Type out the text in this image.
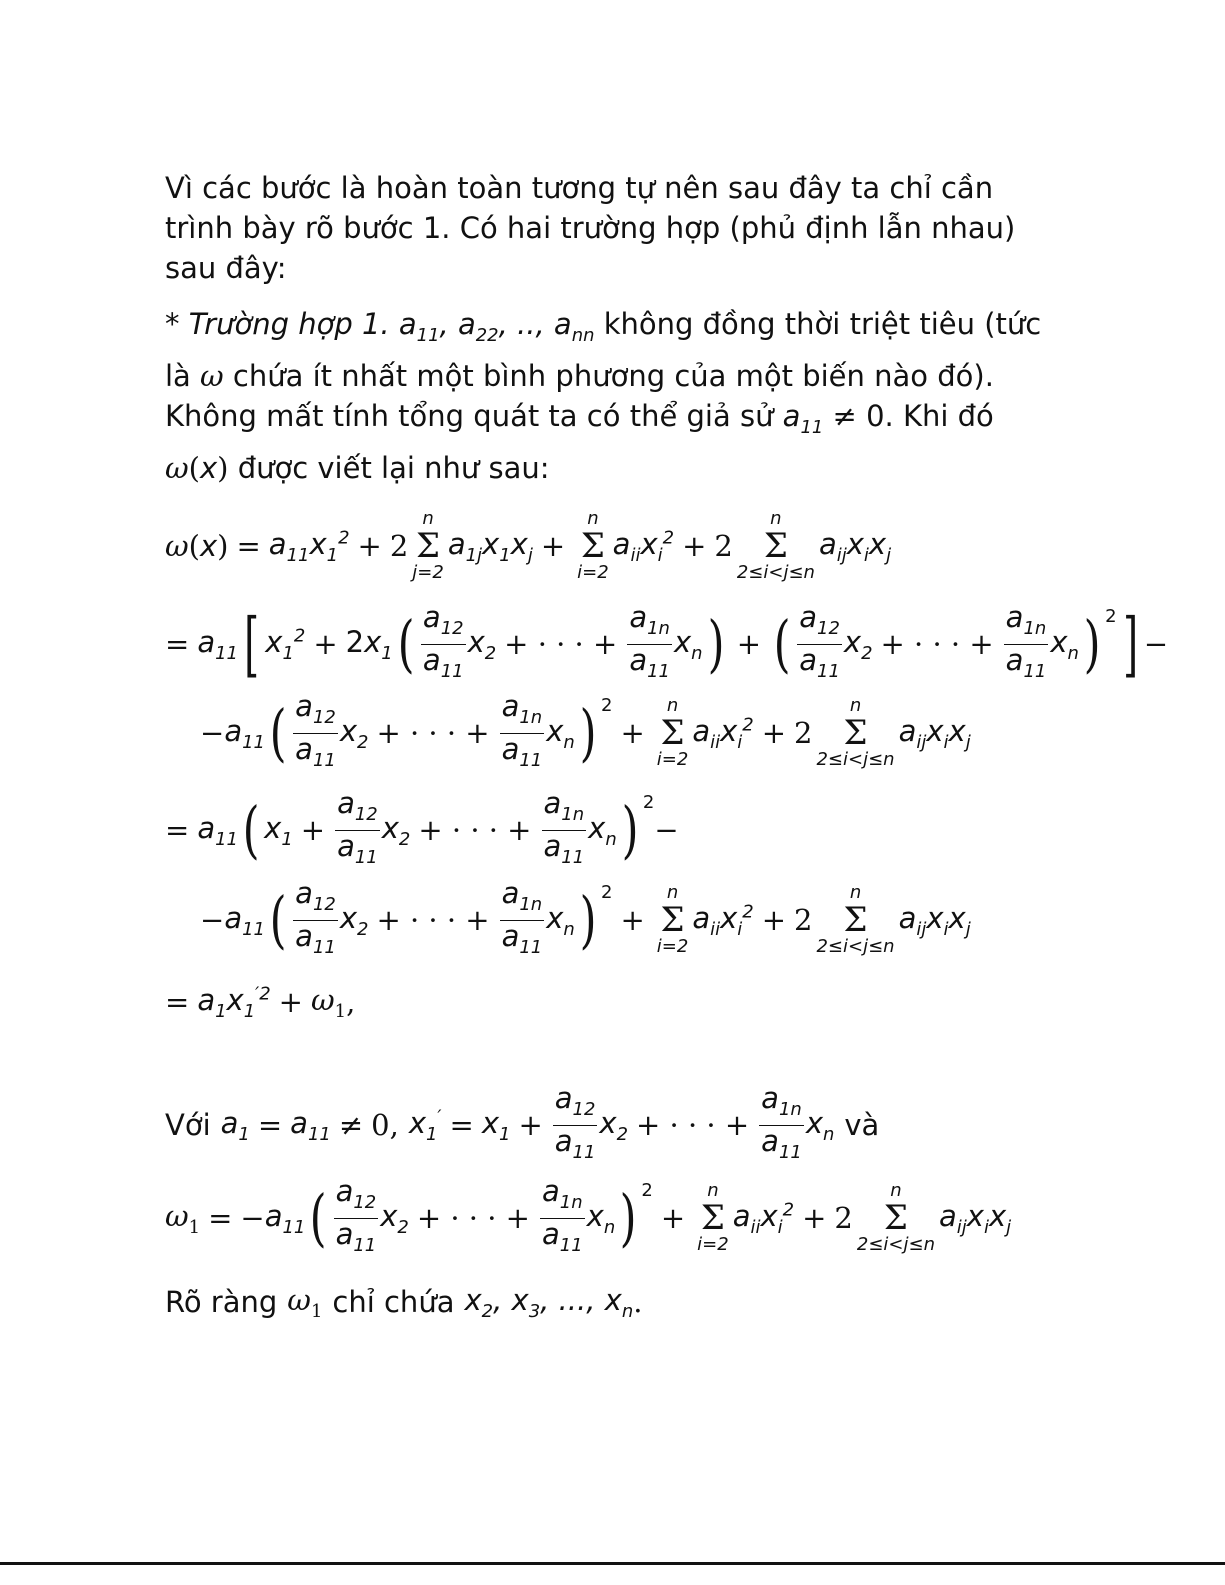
Vì các bước là hoàn toàn tương tự nên sau đây ta chỉ cần trình bày rõ bước 1. Có hai trường hợp (phủ định lẫn nhau) sau đây:

* Trường hợp 1. $a_{11}$, $a_{22}$, .., $a_{nn}$ không đồng thời triệt tiêu (tức là ω chứa ít nhất một bình phương của một biến nào đó). Không mất tính tổng quát ta có thể giả sử $a_{11} \ne 0$. Khi đó ω(x) được viết lại như sau:

ω ( x ) = $a_{11}x_1^2 + 2$
n
Σ
j=2
$a_{1j}x_1x_j$ +
n
Σ
i=2
$a_{ii}x_i^2 + 2$
n
Σ
2≤i<j≤n
$a_{ij}x_ix_j$
= $a_{11}$ [ $x_1^2 + 2x_1$ ( $\frac{a_{12}}{a_{11}} x_2$ + · · · + $\frac{a_{1n}}{a_{11}} x_n$ ) + ( $\frac{a_{12}}{a_{11}} x_2$ + · · · + $\frac{a_{1n}}{a_{11}} x_n$ ) 2 ] −
− $a_{11}$ ( $\frac{a_{12}}{a_{11}} x_2$ + · · · + $\frac{a_{1n}}{a_{11}} x_n$ ) 2
+
n
Σ
i=2
$a_{ii}x_i^2 + 2$
n
Σ
2≤i<j≤n
$a_{ij}x_ix_j$
= $a_{11}$ ( $x_1 + \frac{a_{12}}{a_{11}} x_2$ + · · · + $\frac{a_{1n}}{a_{11}} x_n$ ) 2
−
− $a_{11}$ ( $\frac{a_{12}}{a_{11}} x_2$ + · · · + $\frac{a_{1n}}{a_{11}} x_n$ ) 2
+
n
Σ
i=2
$a_{ii}x_i^2 + 2$
n
Σ
2≤i<j≤n
$a_{ij}x_ix_j$
= $a_1x_1^{'2} + \omega_1$ ,
Với $a_1 = a_{11} \ne 0$, $x_1' = x_1 + \frac{a_{12}}{a_{11}} x_2$ + · · · + $\frac{a_{1n}}{a_{11}} x_n$ và
$\omega_1$ = − $a_{11}$ ( $\frac{a_{12}}{a_{11}} x_2$ + · · · + $\frac{a_{1n}}{a_{11}} x_n$ ) 2
+
n
Σ
i=2
$a_{ii}x_i^2 + 2$
n
Σ
2≤i<j≤n
$a_{ij}x_ix_j$
Rõ ràng $\omega_1$ chỉ chứa $x_2$, $x_3$, ..., $x_n$ .
